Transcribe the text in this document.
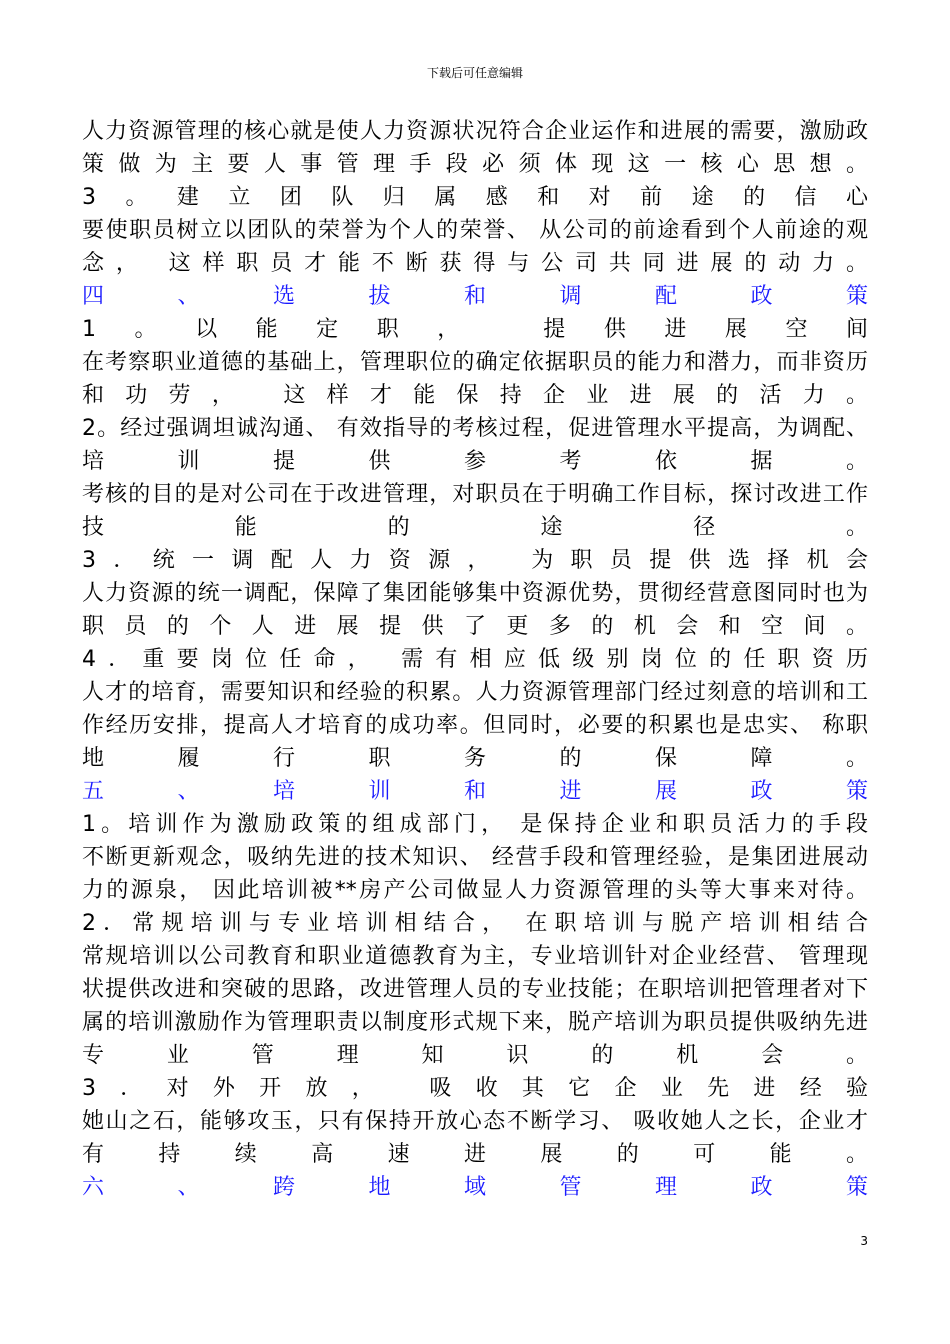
下载后可任意编辑
人力资源管理的核心就是使人力资源状况符合企业运作和进展的需要，激励政
策做为主要人事管理手段必须体现这一核心思想。
3。建立团队归属感和对前途的信心
要使职员树立以团队的荣誉为个人的荣誉、 从公司的前途看到个人前途的观
念， 这样职员才能不断获得与公司共同进展的动力。
四 、 选 拔 和 调 配 政 策
1。以能定职， 提供进展空间
在考察职业道德的基础上，管理职位的确定依据职员的能力和潜力，而非资历
和功劳， 这样才能保持企业进展的活力。
2。经过强调坦诚沟通、 有效指导的考核过程，促进管理水平提高，为调配、
培 训 提 供 参 考 依 据 。
考核的目的是对公司在于改进管理，对职员在于明确工作目标，探讨改进工作
技 能 的 途 径 。
3．统一调配人力资源， 为职员提供选择机会
人力资源的统一调配，保障了集团能够集中资源优势，贯彻经营意图同时也为
职员的个人进展提供了更多的机会和空间。
4．重要岗位任命， 需有相应低级别岗位的任职资历
人才的培育，需要知识和经验的积累。人力资源管理部门经过刻意的培训和工
作经历安排，提高人才培育的成功率。但同时，必要的积累也是忠实、 称职
地 履 行 职 务 的 保 障 。
五 、 培 训 和 进 展 政 策
1。培训作为激励政策的组成部门， 是保持企业和职员活力的手段
不断更新观念，吸纳先进的技术知识、 经营手段和管理经验，是集团进展动
力的源泉， 因此培训被**房产公司做显人力资源管理的头等大事来对待。
2．常规培训与专业培训相结合， 在职培训与脱产培训相结合
常规培训以公司教育和职业道德教育为主，专业培训针对企业经营、 管理现
状提供改进和突破的思路，改进管理人员的专业技能；在职培训把管理者对下
属的培训激励作为管理职责以制度形式规下来，脱产培训为职员提供吸纳先进
专 业 管 理 知 识 的 机 会 。
3．对外开放， 吸收其它企业先进经验
她山之石，能够攻玉，只有保持开放心态不断学习、 吸收她人之长，企业才
有 持 续 高 速 进 展 的 可 能 。
六 、 跨 地 域 管 理 政 策
3
